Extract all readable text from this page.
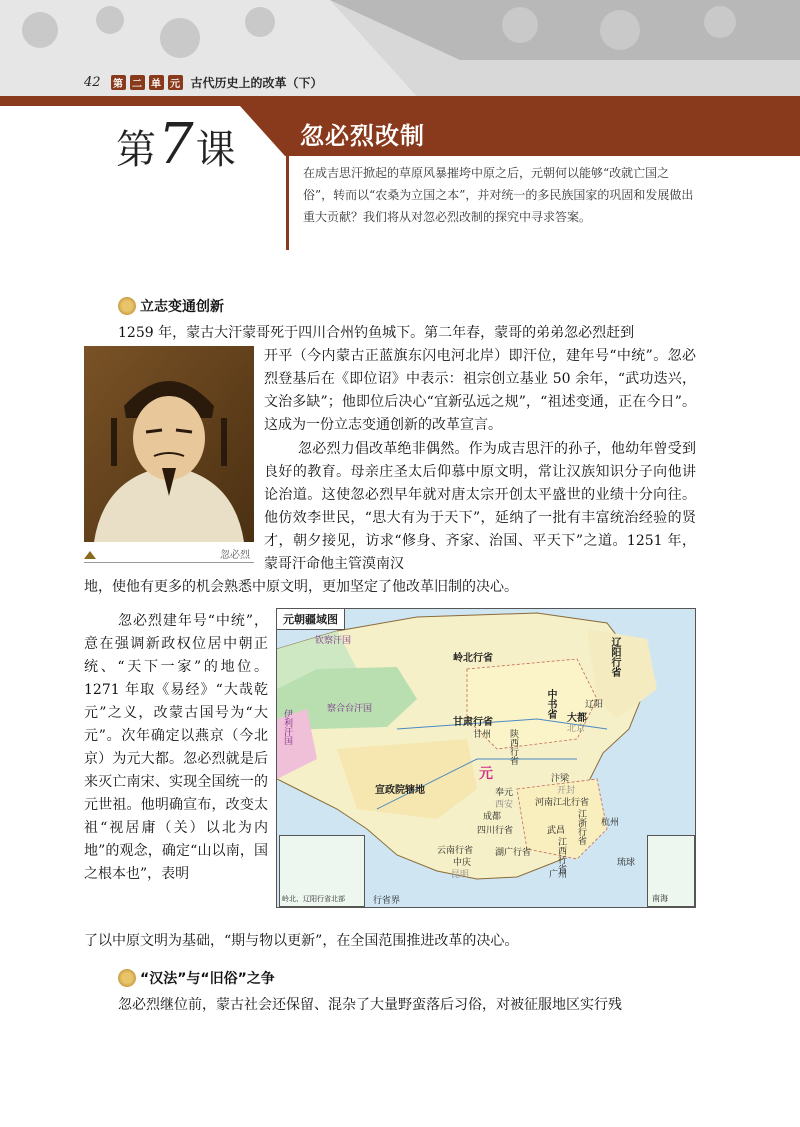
42 第 二 单 元 古代历史上的改革（下）
第 7 课	忽必烈改制
在成吉思汗掀起的草原风暴摧垮中原之后，元朝何以能够“改就亡国之俗”，转而以“农桑为立国之本”，并对统一的多民族国家的巩固和发展做出重大贡献？我们将从对忽必烈改制的探究中寻求答案。
立志变通创新
1259 年，蒙古大汗蒙哥死于四川合州钓鱼城下。第二年春，蒙哥的弟弟忽必烈赶到
开平（今内蒙古正蓝旗东闪电河北岸）即汗位，建年号“中统”。忽必烈登基后在《即位诏》中表示：祖宗创立基业 50 余年，“武功迭兴，文治多缺”；他即位后决心“宜新弘远之规”，“祖述变通，正在今日”。这成为一份立志变通创新的改革宣言。
忽必烈
忽必烈力倡改革绝非偶然。作为成吉思汗的孙子，他幼年曾受到良好的教育。母亲庄圣太后仰慕中原文明，常让汉族知识分子向他讲论治道。这使忽必烈早年就对唐太宗开创太平盛世的业绩十分向往。他仿效李世民，“思大有为于天下”，延纳了一批有丰富统治经验的贤才，朝夕接见，访求“修身、齐家、治国、平天下”之道。1251 年，蒙哥汗命他主管漠南汉
地，使他有更多的机会熟悉中原文明，更加坚定了他改革旧制的决心。
忽必烈建年号“中统”，意在强调新政权位居中朝正统、“天下一家”的地位。1271 年取《易经》“大哉乾元”之义，改蒙古国号为“大元”。次年确定以燕京（今北京）为元大都。忽必烈就是后来灭亡南宋、实现全国统一的元世祖。他明确宣布，改变太祖“视居庸（关）以北为内地”的观念，确定“山以南，国之根本也”，表明
元朝疆域图
钦察汗国
岭北行省	辽阳行省
察合台汗国
伊利汗国	大都
辽阳
北京
甘肃行省
甘州
中书省
陕西行省
元	汴梁
开封
宣政院辖地	奉元
西安 河南江北行省
成都
四川行省	武昌
杭州
江浙行省
湖广行省
云南行省
中庆
昆明
江西行省
广州
琉球
岭北、辽阳行省北部	行省界	南海
了以中原文明为基础，“期与物以更新”，在全国范围推进改革的决心。
“汉法”与“旧俗”之争
忽必烈继位前，蒙古社会还保留、混杂了大量野蛮落后习俗，对被征服地区实行残
